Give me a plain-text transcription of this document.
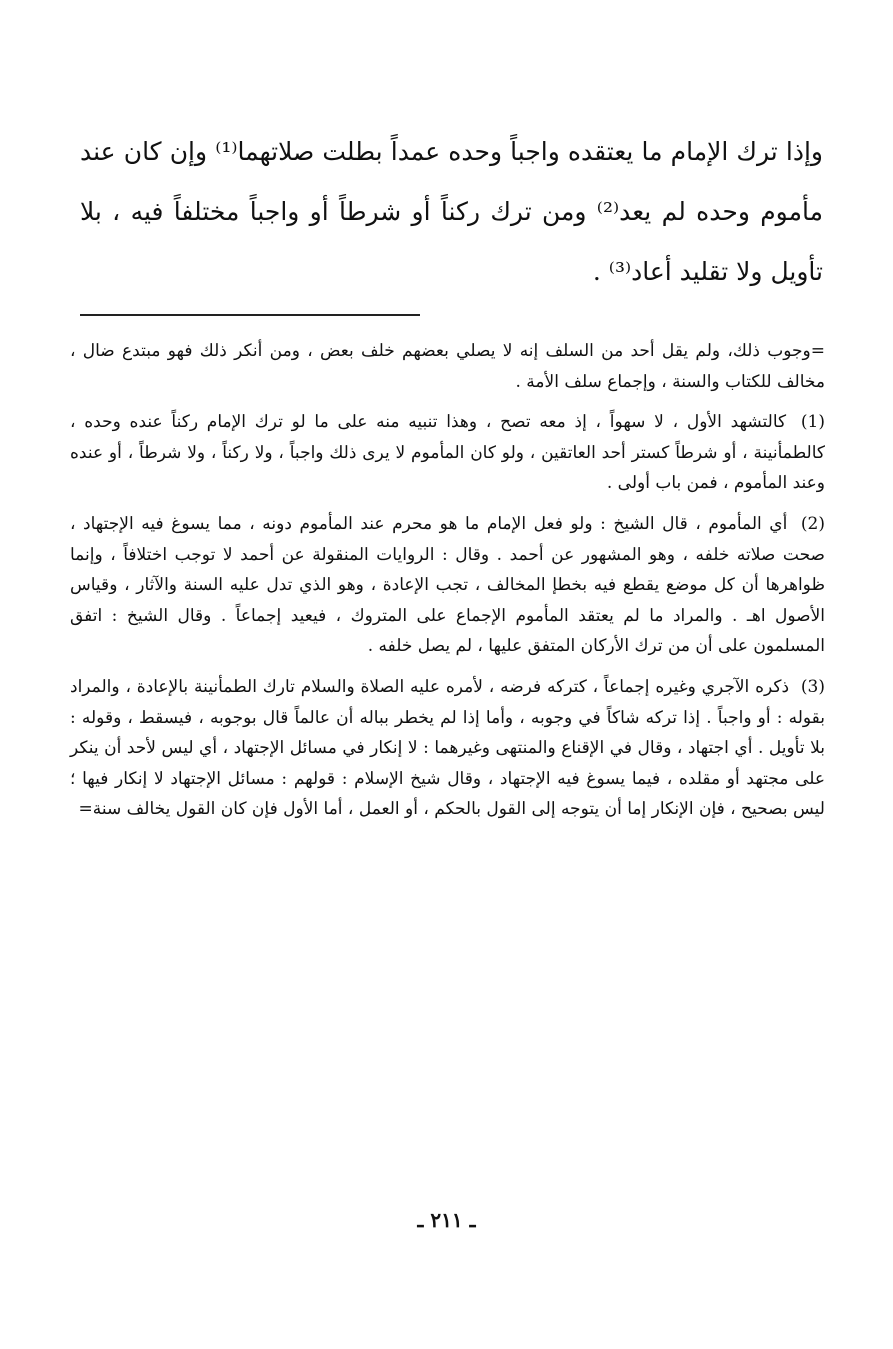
وإذا ترك الإمام ما يعتقده واجباً وحده عمداً بطلت صلاتهما⁽¹⁾ وإن كان عند مأموم وحده لم يعد⁽²⁾ ومن ترك ركناً أو شرطاً أو واجباً مختلفاً فيه ، بلا تأويل ولا تقليد أعاد⁽³⁾ .

=وجوب ذلك، ولم يقل أحد من السلف إنه لا يصلي بعضهم خلف بعض ، ومن أنكر ذلك فهو مبتدع ضال ، مخالف للكتاب والسنة ، وإجماع سلف الأمة .

(1) كالتشهد الأول ، لا سهواً ، إذ معه تصح ، وهذا تنبيه منه على ما لو ترك الإمام ركناً عنده وحده ، كالطمأنينة ، أو شرطاً كستر أحد العاتقين ، ولو كان المأموم لا يرى ذلك واجباً ، ولا ركناً ، ولا شرطاً ، أو عنده وعند المأموم ، فمن باب أولى .

(2) أي المأموم ، قال الشيخ : ولو فعل الإمام ما هو محرم عند المأموم دونه ، مما يسوغ فيه الإجتهاد ، صحت صلاته خلفه ، وهو المشهور عن أحمد . وقال : الروايات المنقولة عن أحمد لا توجب اختلافاً ، وإنما ظواهرها أن كل موضع يقطع فيه بخطإ المخالف ، تجب الإعادة ، وهو الذي تدل عليه السنة والآثار ، وقياس الأصول اهـ . والمراد ما لم يعتقد المأموم الإجماع على المتروك ، فيعيد إجماعاً . وقال الشيخ : اتفق المسلمون على أن من ترك الأركان المتفق عليها ، لم يصل خلفه .

(3) ذكره الآجري وغيره إجماعاً ، كتركه فرضه ، لأمره عليه الصلاة والسلام تارك الطمأنينة بالإعادة ، والمراد بقوله : أو واجباً . إذا تركه شاكاً في وجوبه ، وأما إذا لم يخطر بباله أن عالماً قال بوجوبه ، فيسقط ، وقوله : بلا تأويل . أي اجتهاد ، وقال في الإقناع والمنتهى وغيرهما : لا إنكار في مسائل الإجتهاد ، أي ليس لأحد أن ينكر على مجتهد أو مقلده ، فيما يسوغ فيه الإجتهاد ، وقال شيخ الإسلام : قولهم : مسائل الإجتهاد لا إنكار فيها ؛ ليس بصحيح ، فإن الإنكار إما أن يتوجه إلى القول بالحكم ، أو العمل ، أما الأول فإن كان القول يخالف سنة=

ـ ٢١١ ـ
